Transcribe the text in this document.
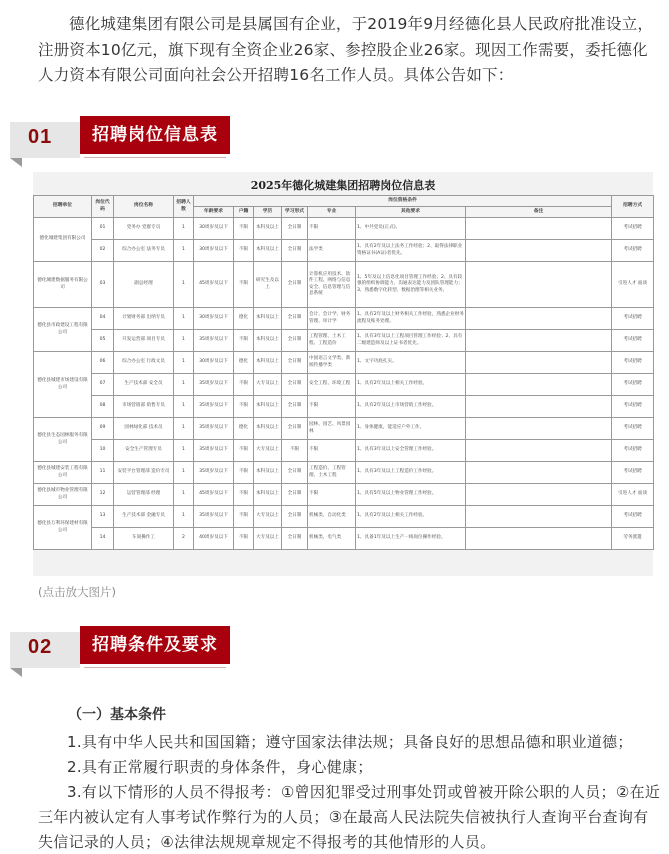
德化城建集团有限公司是县属国有企业，于2019年9月经德化县人民政府批准设立，注册资本10亿元，旗下现有全资企业26家、参控股企业26家。现因工作需要，委托德化人力资本有限公司面向社会公开招聘16名工作人员。具体公告如下：

01	招聘岗位信息表
2025年德化城建集团招聘岗位信息表
招聘单位	岗位代码	岗位名称	招聘人数	岗位资格条件							招聘方式
				年龄要求	户籍	学历	学习形式	专业	其他要求	备注	
德化城建集团有限公司	01	党务办 党群专员	1	30周岁及以下	不限	本科及以上	全日制	不限	1、中共党员(正式)。		考试招聘
	02	综合办公室 法务专员	1	30周岁及以下	不限	本科及以上	全日制	法学类	1、具有2年及以上法务工作经验；2、取得法律职业资格证书(A证)者优先。		考试招聘
德化城建数据服务有限公司	03	副总经理	1	45周岁及以下	不限	研究生及以上	全日制	计算机应用技术、软件工程、网络与信息安全、信息管理与信息系统	1、5年及以上信息化项目管理工作经验；2、具有较强的组织协调能力、沟通表达能力及团队管理能力；3、熟悉数字化转型、数据治理等相关业务。		引进人才 面谈
德化县市政建设工程有限公司	04	计划财务部 出纳专员	1	30周岁及以下	德化	本科及以上	全日制	会计、会计学、财务管理、审计学	1、具有2年及以上财务相关工作经验，熟悉企业财务流程及账务处理。		考试招聘
	05	开发运营部 项目专员	1	35周岁及以下	不限	本科及以上	全日制	工程管理、土木工程、工程造价	1、具有3年及以上工程项目管理工作经验；2、具有二级建造师及以上证书者优先。		考试招聘
德化县城建市场建设有限公司	06	综合办公室 行政文员	1	30周岁及以下	德化	本科及以上	全日制	中国语言文学类、新闻传播学类	1、文字功底扎实。		考试招聘
	07	生产技术部 安全员	1	35周岁及以下	不限	大专及以上	全日制	安全工程、环境工程	1、具有2年及以上相关工作经验。		考试招聘
	08	市场营销部 销售专员	1	35周岁及以下	不限	本科及以上	全日制	不限	1、具有2年及以上市场营销工作经验。		考试招聘
德化县生态园林服务有限公司	09	园林绿化部 技术员	1	35周岁及以下	德化	本科及以上	全日制	园林、园艺、风景园林	1、身体健康，能适应户外工作。		考试招聘
	10	安全生产管理专员	1	35周岁及以下	不限	大专及以上	不限	不限	1、具有3年及以上安全管理工作经验。		考试招聘
德化县城建安装工程有限公司	11	安装平台管理部 造价专员	1	35周岁及以下	不限	本科及以上	全日制	工程造价、工程管理、土木工程	1、具有3年及以上工程造价工作经验。		考试招聘
德化县城市物业管理有限公司	12	运营管理部 经理	1	45周岁及以下	不限	本科及以上	全日制	不限	1、具有5年及以上物业管理工作经验。		引进人才 面谈
德化县万利环保建材有限公司	13	生产技术部 金融专员	1	35周岁及以下	不限	大专及以上	全日制	机械类、自动化类	1、具有2年及以上相关工作经验。		考试招聘
	14	车间操作工	2	40周岁及以下	不限	大专及以上	全日制	机械类、电气类	1、具备1年及以上生产一线岗位操作经验。		劳务派遣
(点击放大图片)
02	招聘条件及要求
（一）基本条件

1.具有中华人民共和国国籍；遵守国家法律法规；具备良好的思想品德和职业道德；

2.具有正常履行职责的身体条件，身心健康；

3.有以下情形的人员不得报考：①曾因犯罪受过刑事处罚或曾被开除公职的人员；②在近三年内被认定有人事考试作弊行为的人员；③在最高人民法院失信被执行人查询平台查询有失信记录的人员；④法律法规规章规定不得报考的其他情形的人员。
